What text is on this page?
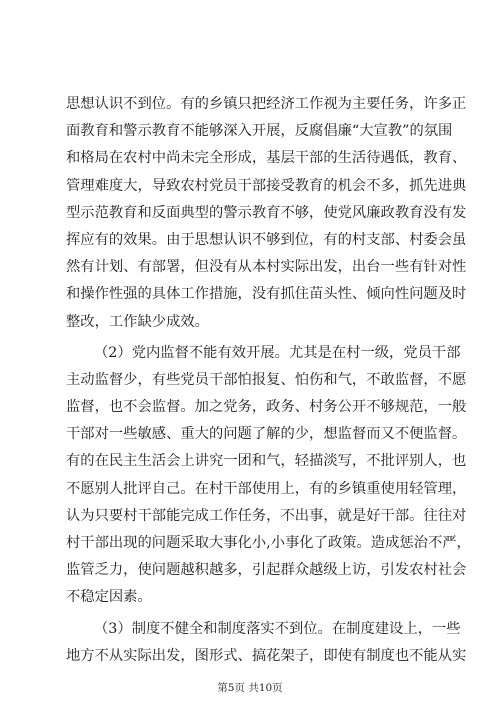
思想认识不到位。有的乡镇只把经济工作视为主要任务，许多正
面教育和警示教育不能够深入开展，反腐倡廉“大宣教”的氛围
和格局在农村中尚未完全形成，基层干部的生活待遇低，教育、
管理难度大，导致农村党员干部接受教育的机会不多，抓先进典
型示范教育和反面典型的警示教育不够，使党风廉政教育没有发
挥应有的效果。由于思想认识不够到位，有的村支部、村委会虽
然有计划、有部署，但没有从本村实际出发，出台一些有针对性
和操作性强的具体工作措施，没有抓住苗头性、倾向性问题及时
整改，工作缺少成效。
（2）党内监督不能有效开展。尤其是在村一级，党员干部
主动监督少，有些党员干部怕报复、怕伤和气，不敢监督，不愿
监督，也不会监督。加之党务，政务、村务公开不够规范，一般
干部对一些敏感、重大的问题了解的少，想监督而又不便监督。
有的在民主生活会上讲究一团和气，轻描淡写，不批评别人，也
不愿别人批评自己。在村干部使用上，有的乡镇重使用轻管理，
认为只要村干部能完成工作任务，不出事，就是好干部。往往对
村干部出现的问题采取大事化小,小事化了政策。造成惩治不严，
监管乏力，使问题越积越多，引起群众越级上访，引发农村社会
不稳定因素。
（3）制度不健全和制度落实不到位。在制度建设上，一些
地方不从实际出发，图形式、搞花架子，即使有制度也不能从实
第5页 共10页
